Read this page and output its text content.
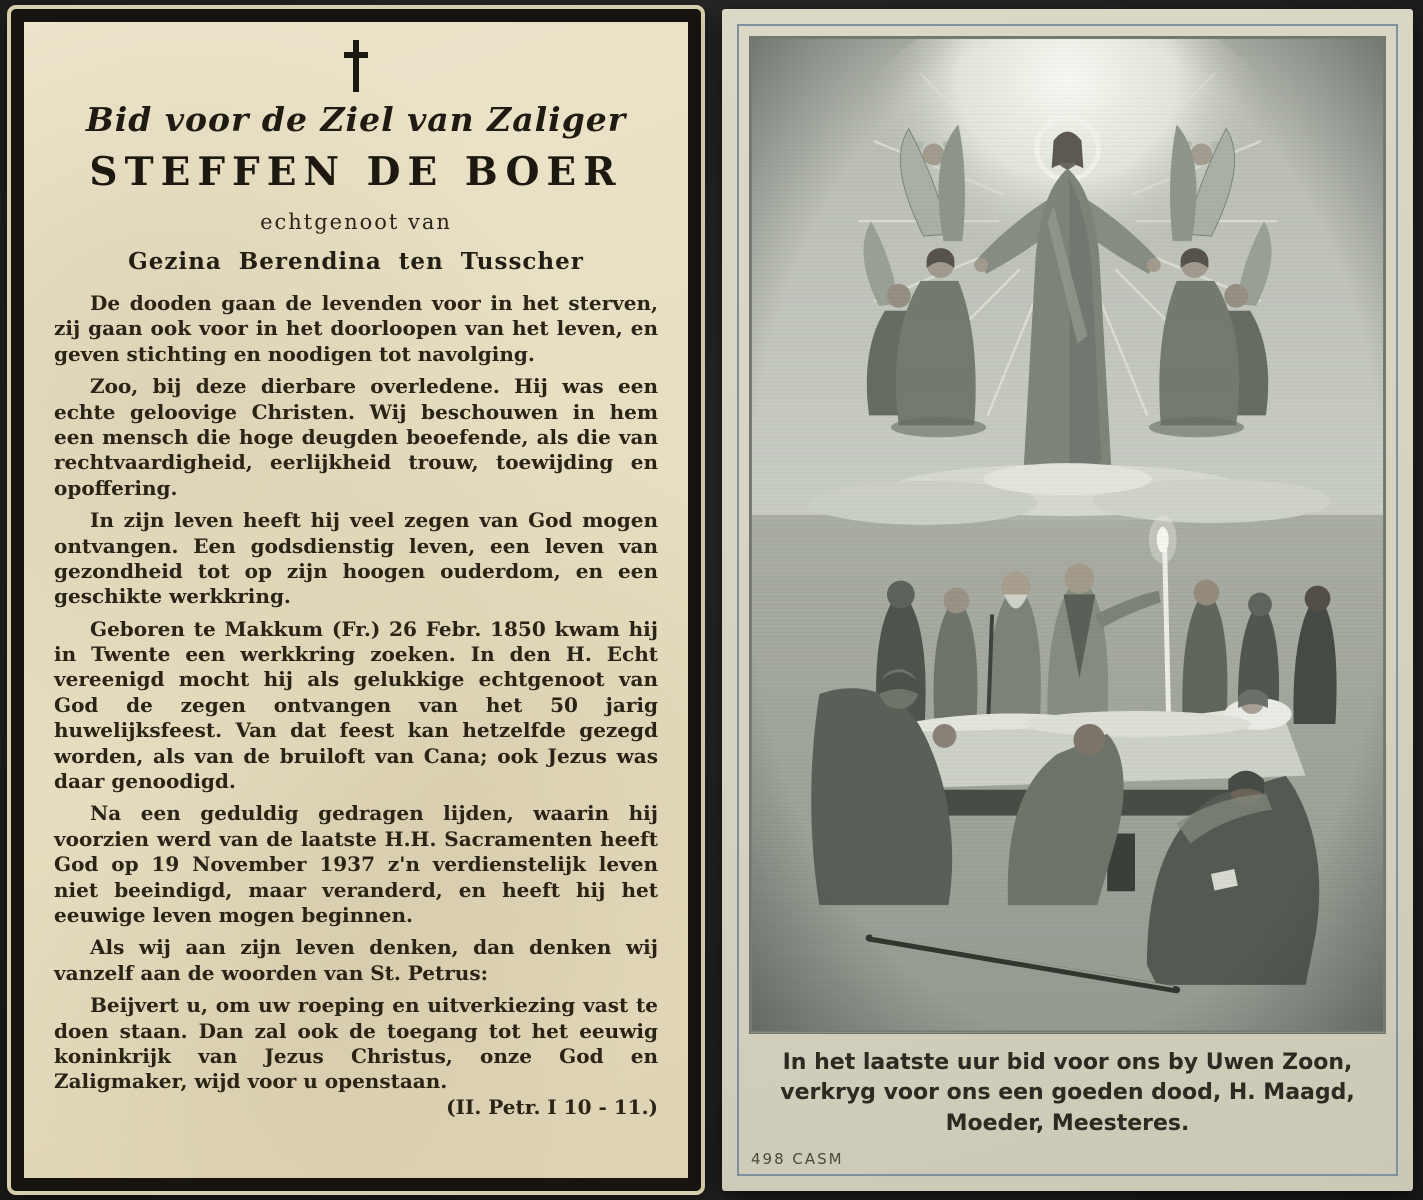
Bid voor de Ziel van Zaliger
STEFFEN DE BOER
echtgenoot van
Gezina Berendina ten Tusscher

De dooden gaan de levenden voor in het sterven, zij gaan ook voor in het doorloopen van het leven, en geven stichting en noodigen tot navolging.

Zoo, bij deze dierbare overledene. Hij was een echte geloovige Christen. Wij beschouwen in hem een mensch die hoge deugden beoefende, als die van rechtvaardigheid, eerlijkheid trouw, toewijding en opoffering.

In zijn leven heeft hij veel zegen van God mogen ontvangen. Een godsdienstig leven, een leven van gezondheid tot op zijn hoogen ouderdom, en een geschikte werkkring.

Geboren te Makkum (Fr.) 26 Febr. 1850 kwam hij in Twente een werkkring zoeken. In den H. Echt vereenigd mocht hij als gelukkige echtgenoot van God de zegen ontvangen van het 50 jarig huwelijksfeest. Van dat feest kan hetzelfde gezegd worden, als van de bruiloft van Cana; ook Jezus was daar genoodigd.

Na een geduldig gedragen lijden, waarin hij voorzien werd van de laatste H.H. Sacramenten heeft God op 19 November 1937 z'n verdienstelijk leven niet beeindigd, maar veranderd, en heeft hij het eeuwige leven mogen beginnen.

Als wij aan zijn leven denken, dan denken wij vanzelf aan de woorden van St. Petrus:

Beijvert u, om uw roeping en uitverkiezing vast te doen staan. Dan zal ook de toegang tot het eeuwig koninkrijk van Jezus Christus, onze God en Zaligmaker, wijd voor u openstaan.
(II. Petr. I 10 - 11.)

In het laatste uur bid voor ons by Uwen Zoon,
verkryg voor ons een goeden dood, H. Maagd,
Moeder, Meesteres.
498 CASM
